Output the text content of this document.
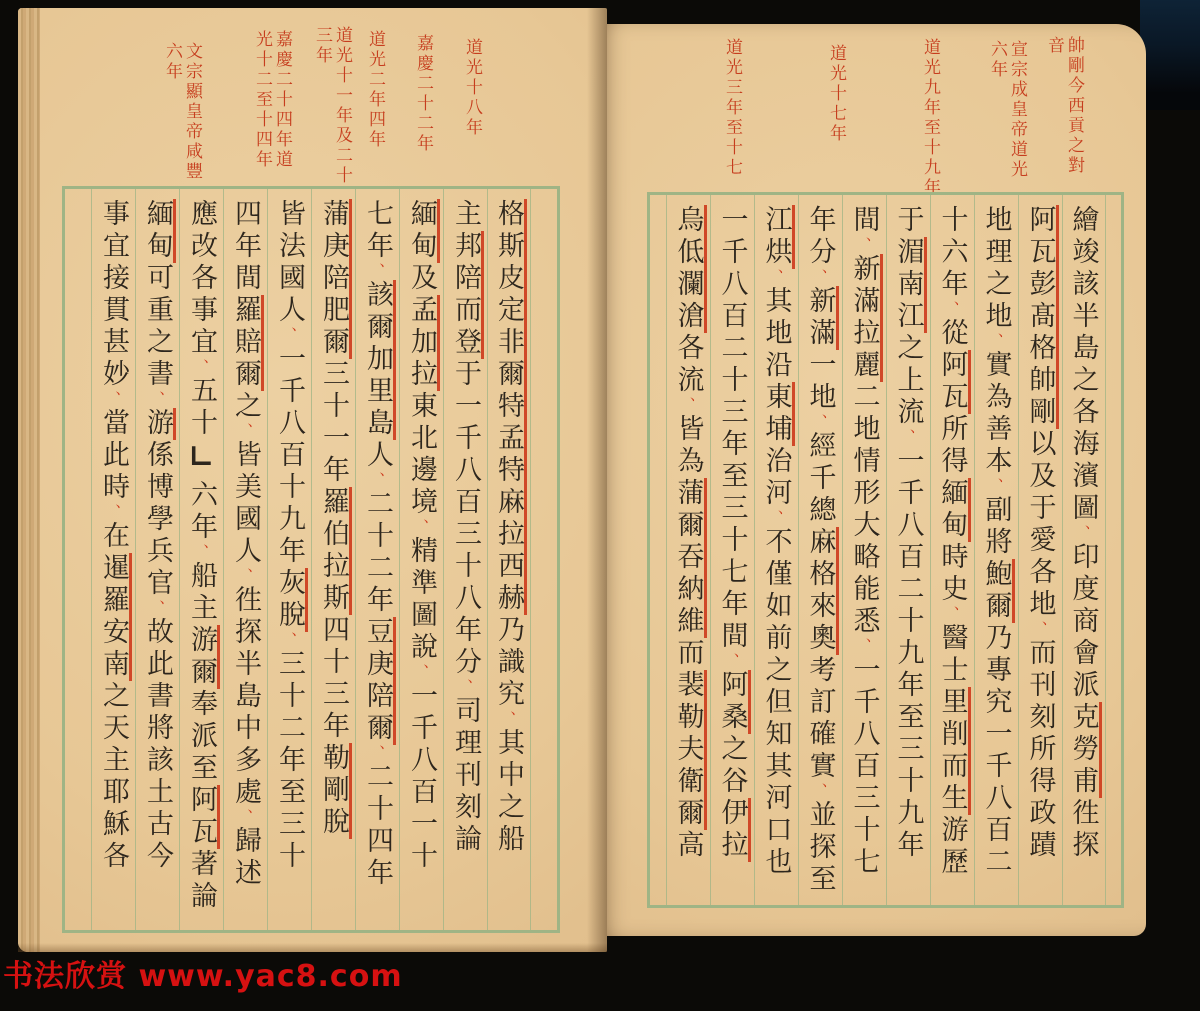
道光十八年
嘉慶二十二年
道光二年四年
道光十一年及二十三年
嘉慶二十四年道光十二至十四年
文宗顯皇帝咸豐六年
格斯皮定非爾特孟特麻拉西赫乃識究、其中之船
主邦陪而登于一千八百三十八年分、司理刊刻論
緬甸及孟加拉東北邊境、精準圖說、一千八百一十
七年、該爾加里島人、二十二年豆庚陪爾、二十四年
蒲庚陪肥爾三十一年羅伯拉斯四十三年勒剛脫
皆法國人、一千八百十九年灰脫、三十二年至三十
四年間羅賠爾之、皆美國人、徃探半島中多處、歸述
應改各事宜、五十∟六年、船主游爾奉派至阿瓦著論
緬甸可重之書、游係博學兵官、故此書將該土古今
事宜接貫甚妙、當此時、在暹羅安南之天主耶穌各
帥剛今西貢之對音
宣宗成皇帝道光六年
道光九年至十九年
道光十七年
道光三年至十七
繪竣該半島之各海濱圖、印度商會派克勞甫徃探
阿瓦彭髙格帥剛以及于愛各地、而刊刻所得政蹟
地理之地、實為善本、副將鮑爾乃專究一千八百二
十六年、從阿瓦所得緬甸時史、醫士里削而生游歷
于湄南江之上流、一千八百二十九年至三十九年
間、新滿拉麗二地情形大略能悉、一千八百三十七
年分、新滿一地、經千總麻格來奧考訂確實、並探至
江烘、其地沿東埔治河、不僅如前之但知其河口也
一千八百二十三年至三十七年間、阿桑之谷伊拉
烏低瀾滄各流、皆為蒲爾吞納維而裴勒夫衛爾高
书法欣赏 www.yac8.com
